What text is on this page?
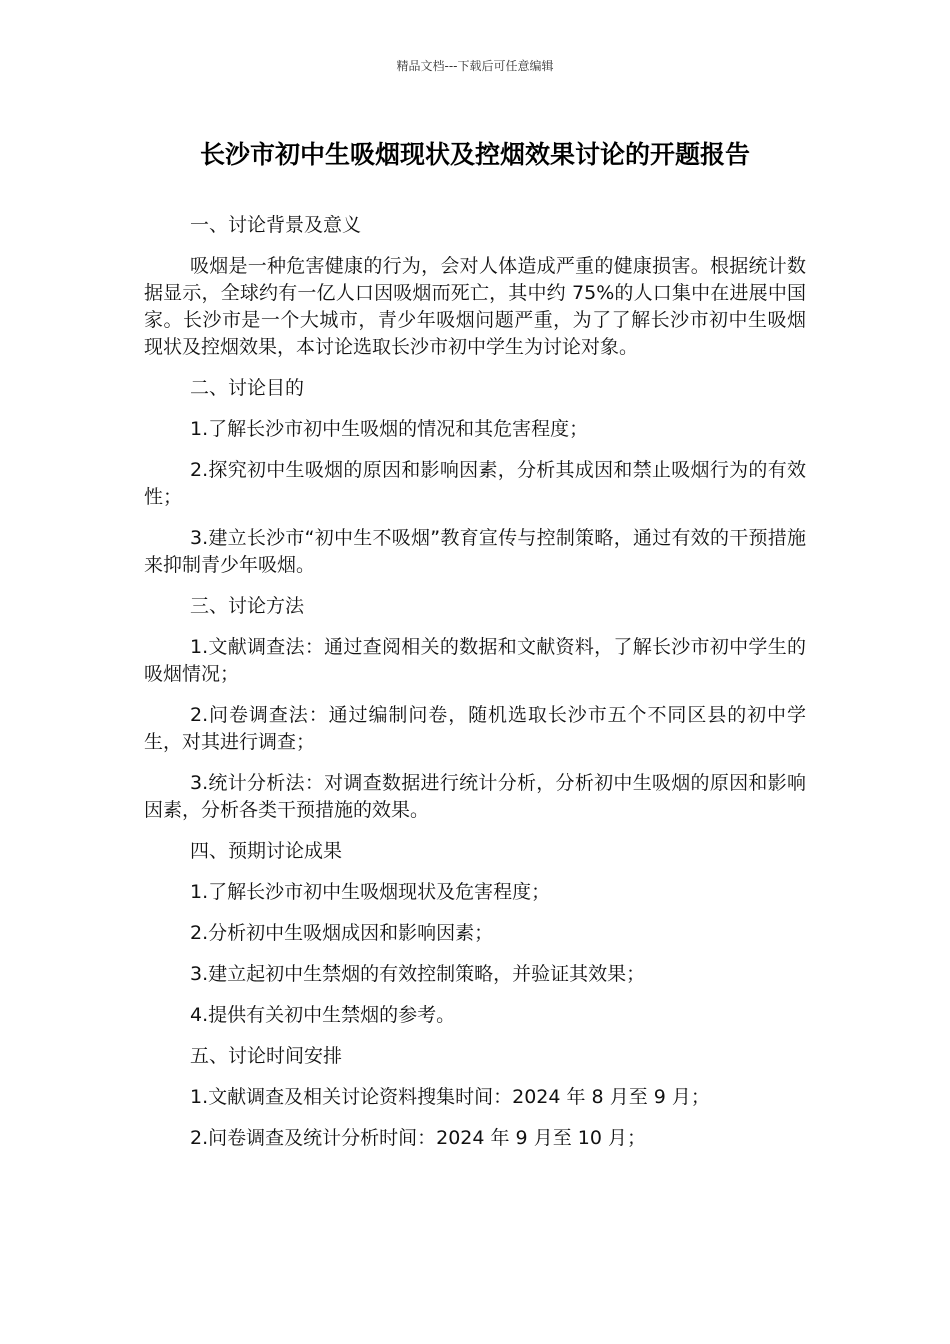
精品文档---下载后可任意编辑
长沙市初中生吸烟现状及控烟效果讨论的开题报告

一、讨论背景及意义

吸烟是一种危害健康的行为，会对人体造成严重的健康损害。根据统计数据显示，全球约有一亿人口因吸烟而死亡，其中约 75%的人口集中在进展中国家。长沙市是一个大城市，青少年吸烟问题严重，为了了解长沙市初中生吸烟现状及控烟效果，本讨论选取长沙市初中学生为讨论对象。

二、讨论目的

1.了解长沙市初中生吸烟的情况和其危害程度；

2.探究初中生吸烟的原因和影响因素，分析其成因和禁止吸烟行为的有效性；

3.建立长沙市“初中生不吸烟”教育宣传与控制策略，通过有效的干预措施来抑制青少年吸烟。

三、讨论方法

1.文献调查法：通过查阅相关的数据和文献资料，了解长沙市初中学生的吸烟情况；

2.问卷调查法：通过编制问卷，随机选取长沙市五个不同区县的初中学生，对其进行调查；

3.统计分析法：对调查数据进行统计分析，分析初中生吸烟的原因和影响因素，分析各类干预措施的效果。

四、预期讨论成果

1.了解长沙市初中生吸烟现状及危害程度；

2.分析初中生吸烟成因和影响因素；

3.建立起初中生禁烟的有效控制策略，并验证其效果；

4.提供有关初中生禁烟的参考。

五、讨论时间安排

1.文献调查及相关讨论资料搜集时间：2024 年 8 月至 9 月；

2.问卷调查及统计分析时间：2024 年 9 月至 10 月；
